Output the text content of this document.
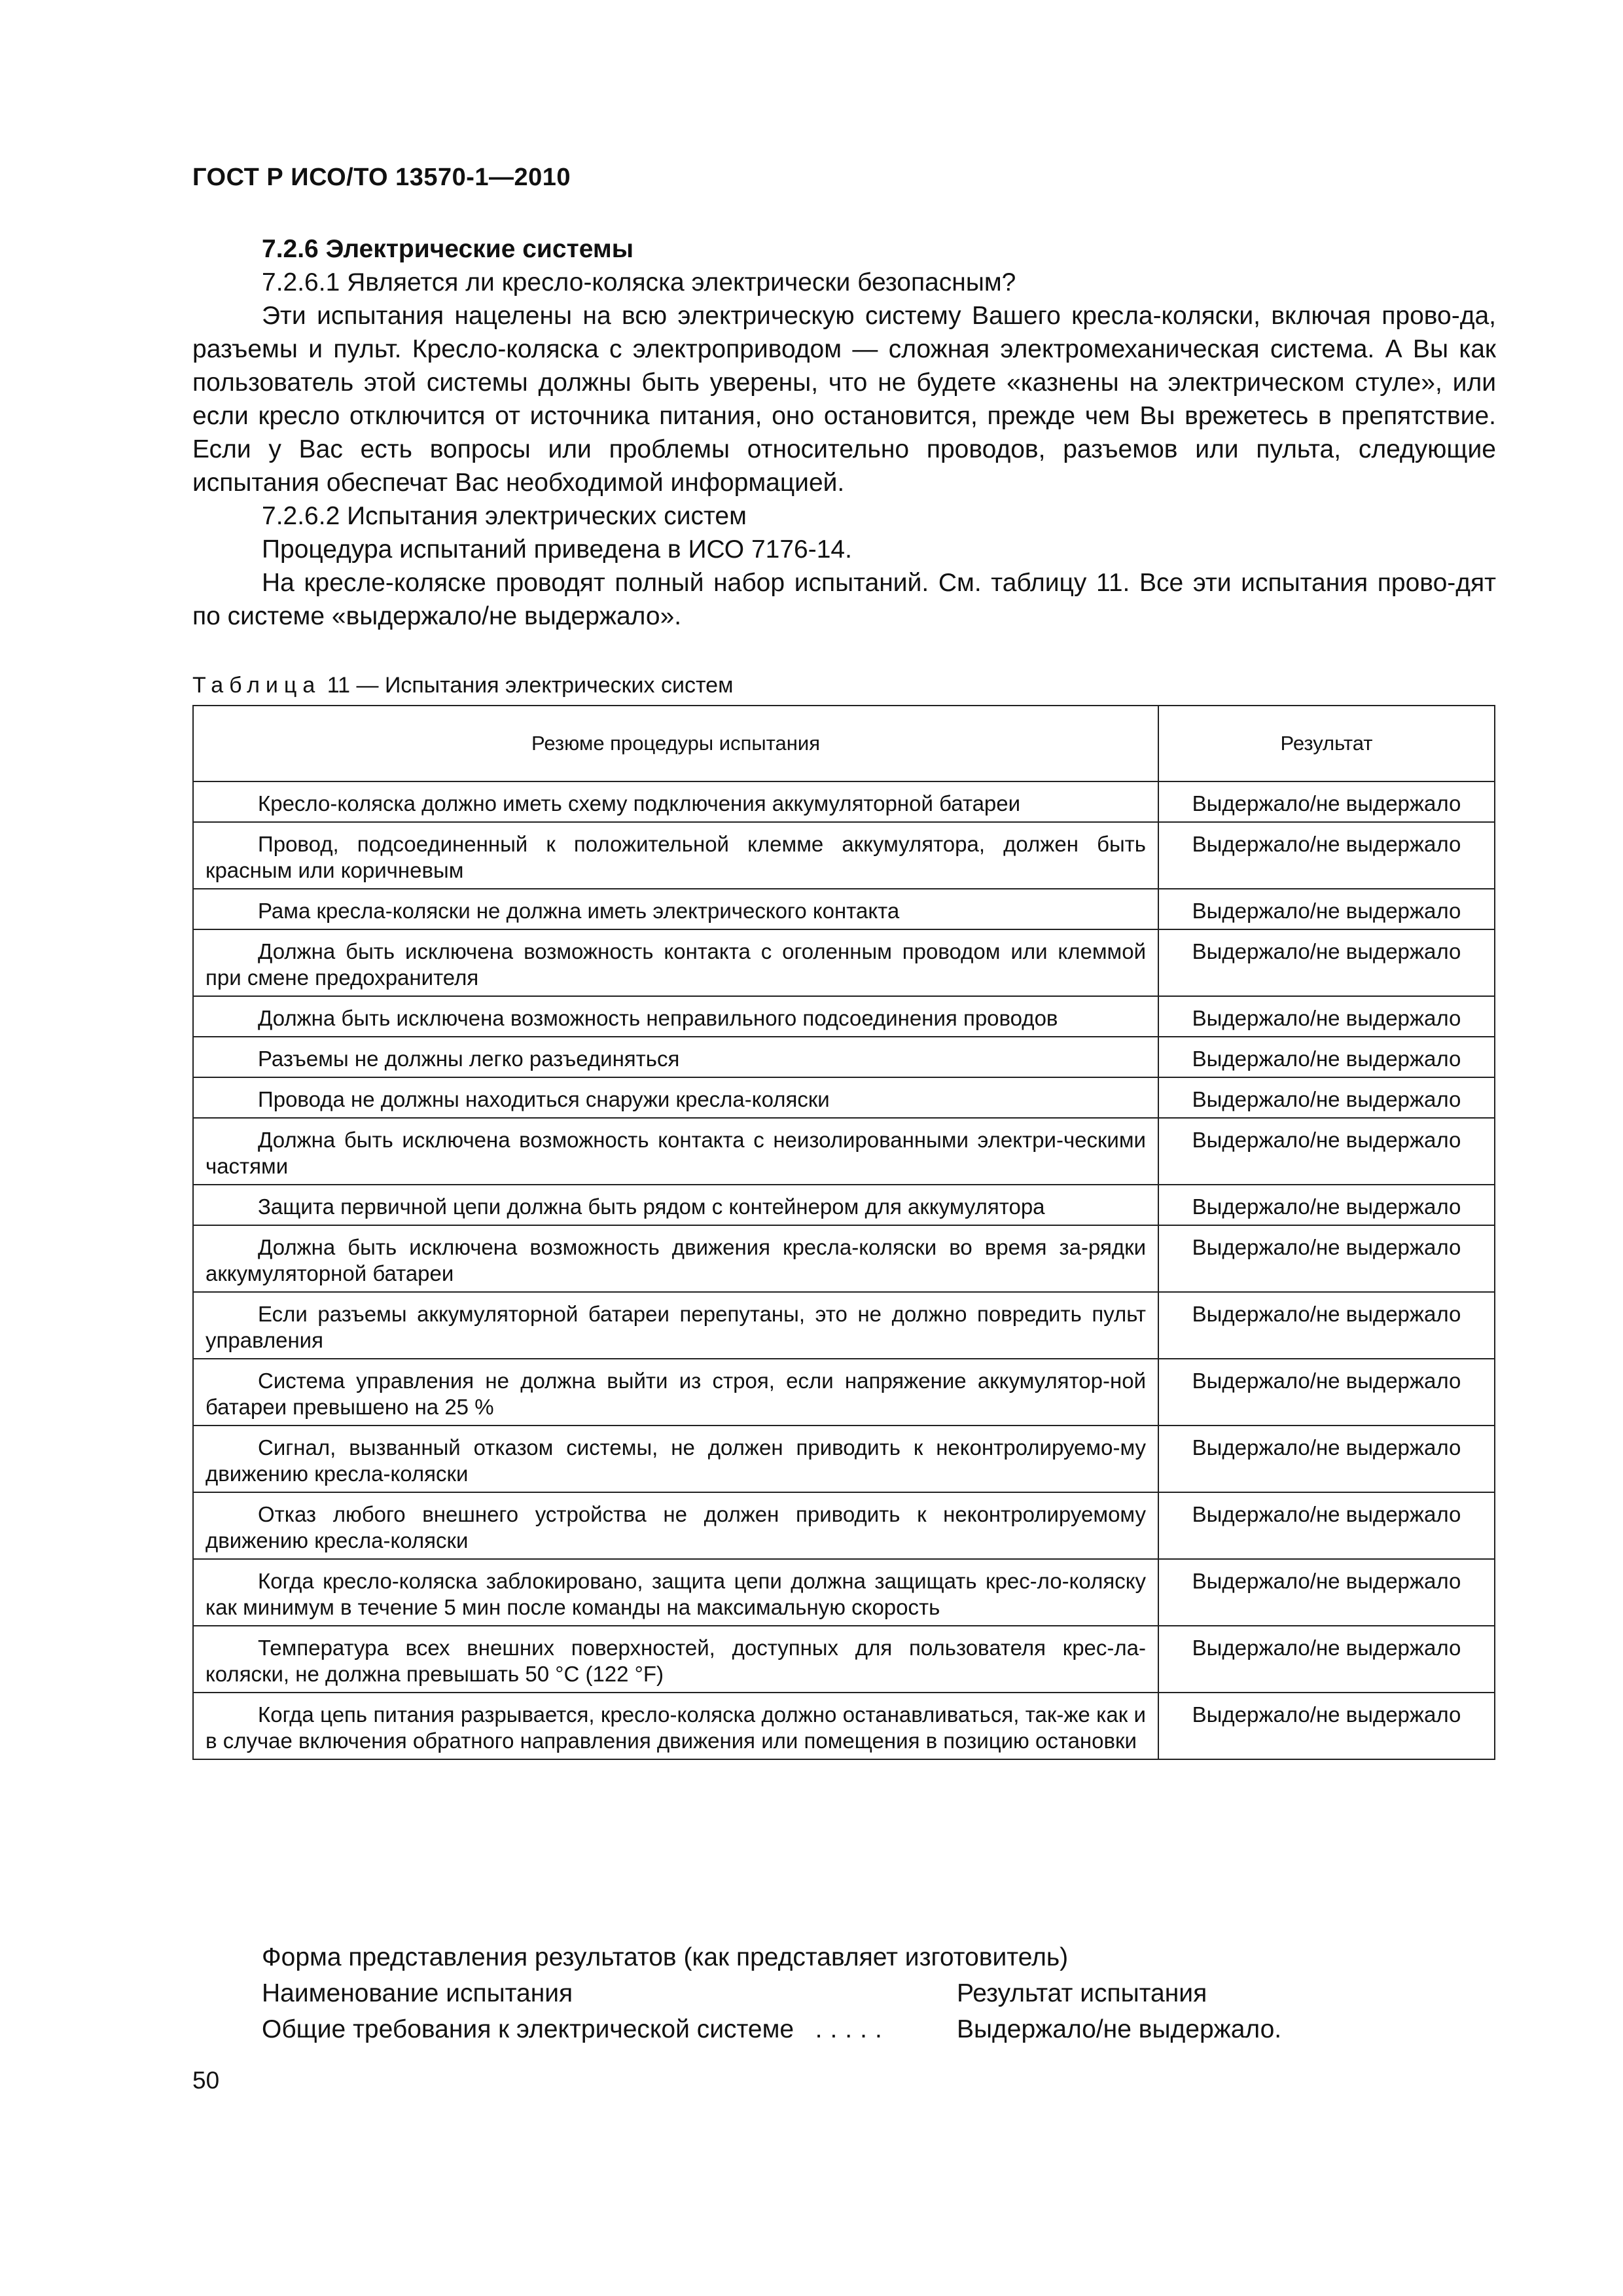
ГОСТ Р ИСО/ТО 13570-1—2010

7.2.6 Электрические системы

7.2.6.1 Является ли кресло-коляска электрически безопасным?

Эти испытания нацелены на всю электрическую систему Вашего кресла-коляски, включая прово-да, разъемы и пульт. Кресло-коляска с электроприводом — сложная электромеханическая система. А Вы как пользователь этой системы должны быть уверены, что не будете «казнены на электрическом стуле», или если кресло отключится от источника питания, оно остановится, прежде чем Вы врежетесь в препятствие. Если у Вас есть вопросы или проблемы относительно проводов, разъемов или пульта, следующие испытания обеспечат Вас необходимой информацией.

7.2.6.2 Испытания электрических систем

Процедура испытаний приведена в ИСО 7176-14.

На кресле-коляске проводят полный набор испытаний. См. таблицу 11. Все эти испытания прово-дят по системе «выдержало/не выдержало».

Таблица 11 — Испытания электрических систем
Резюме процедуры испытания	Результат

Кресло-коляска должно иметь схему подключения аккумуляторной батареи	Выдержало/не выдержало

Провод, подсоединенный к положительной клемме аккумулятора, должен быть красным или коричневым	Выдержало/не выдержало

Рама кресла-коляски не должна иметь электрического контакта	Выдержало/не выдержало

Должна быть исключена возможность контакта с оголенным проводом или клеммой при смене предохранителя	Выдержало/не выдержало

Должна быть исключена возможность неправильного подсоединения проводов	Выдержало/не выдержало

Разъемы не должны легко разъединяться	Выдержало/не выдержало

Провода не должны находиться снаружи кресла-коляски	Выдержало/не выдержало

Должна быть исключена возможность контакта с неизолированными электри-ческими частями	Выдержало/не выдержало

Защита первичной цепи должна быть рядом с контейнером для аккумулятора	Выдержало/не выдержало

Должна быть исключена возможность движения кресла-коляски во время за-рядки аккумуляторной батареи	Выдержало/не выдержало

Если разъемы аккумуляторной батареи перепутаны, это не должно повредить пульт управления	Выдержало/не выдержало

Система управления не должна выйти из строя, если напряжение аккумулятор-ной батареи превышено на 25 %	Выдержало/не выдержало

Сигнал, вызванный отказом системы, не должен приводить к неконтролируемо-му движению кресла-коляски	Выдержало/не выдержало

Отказ любого внешнего устройства не должен приводить к неконтролируемому движению кресла-коляски	Выдержало/не выдержало

Когда кресло-коляска заблокировано, защита цепи должна защищать крес-ло-коляску как минимум в течение 5 мин после команды на максимальную скорость	Выдержало/не выдержало

Температура всех внешних поверхностей, доступных для пользователя крес-ла-коляски, не должна превышать 50 °С (122 °F)	Выдержало/не выдержало

Когда цепь питания разрывается, кресло-коляска должно останавливаться, так-же как и в случае включения обратного направления движения или помещения в позицию остановки	Выдержало/не выдержало
Форма представления результатов (как представляет изготовитель)
Наименование испытания	Результат испытания
Общие требования к электрической системе .....	Выдержало/не выдержало.
50
